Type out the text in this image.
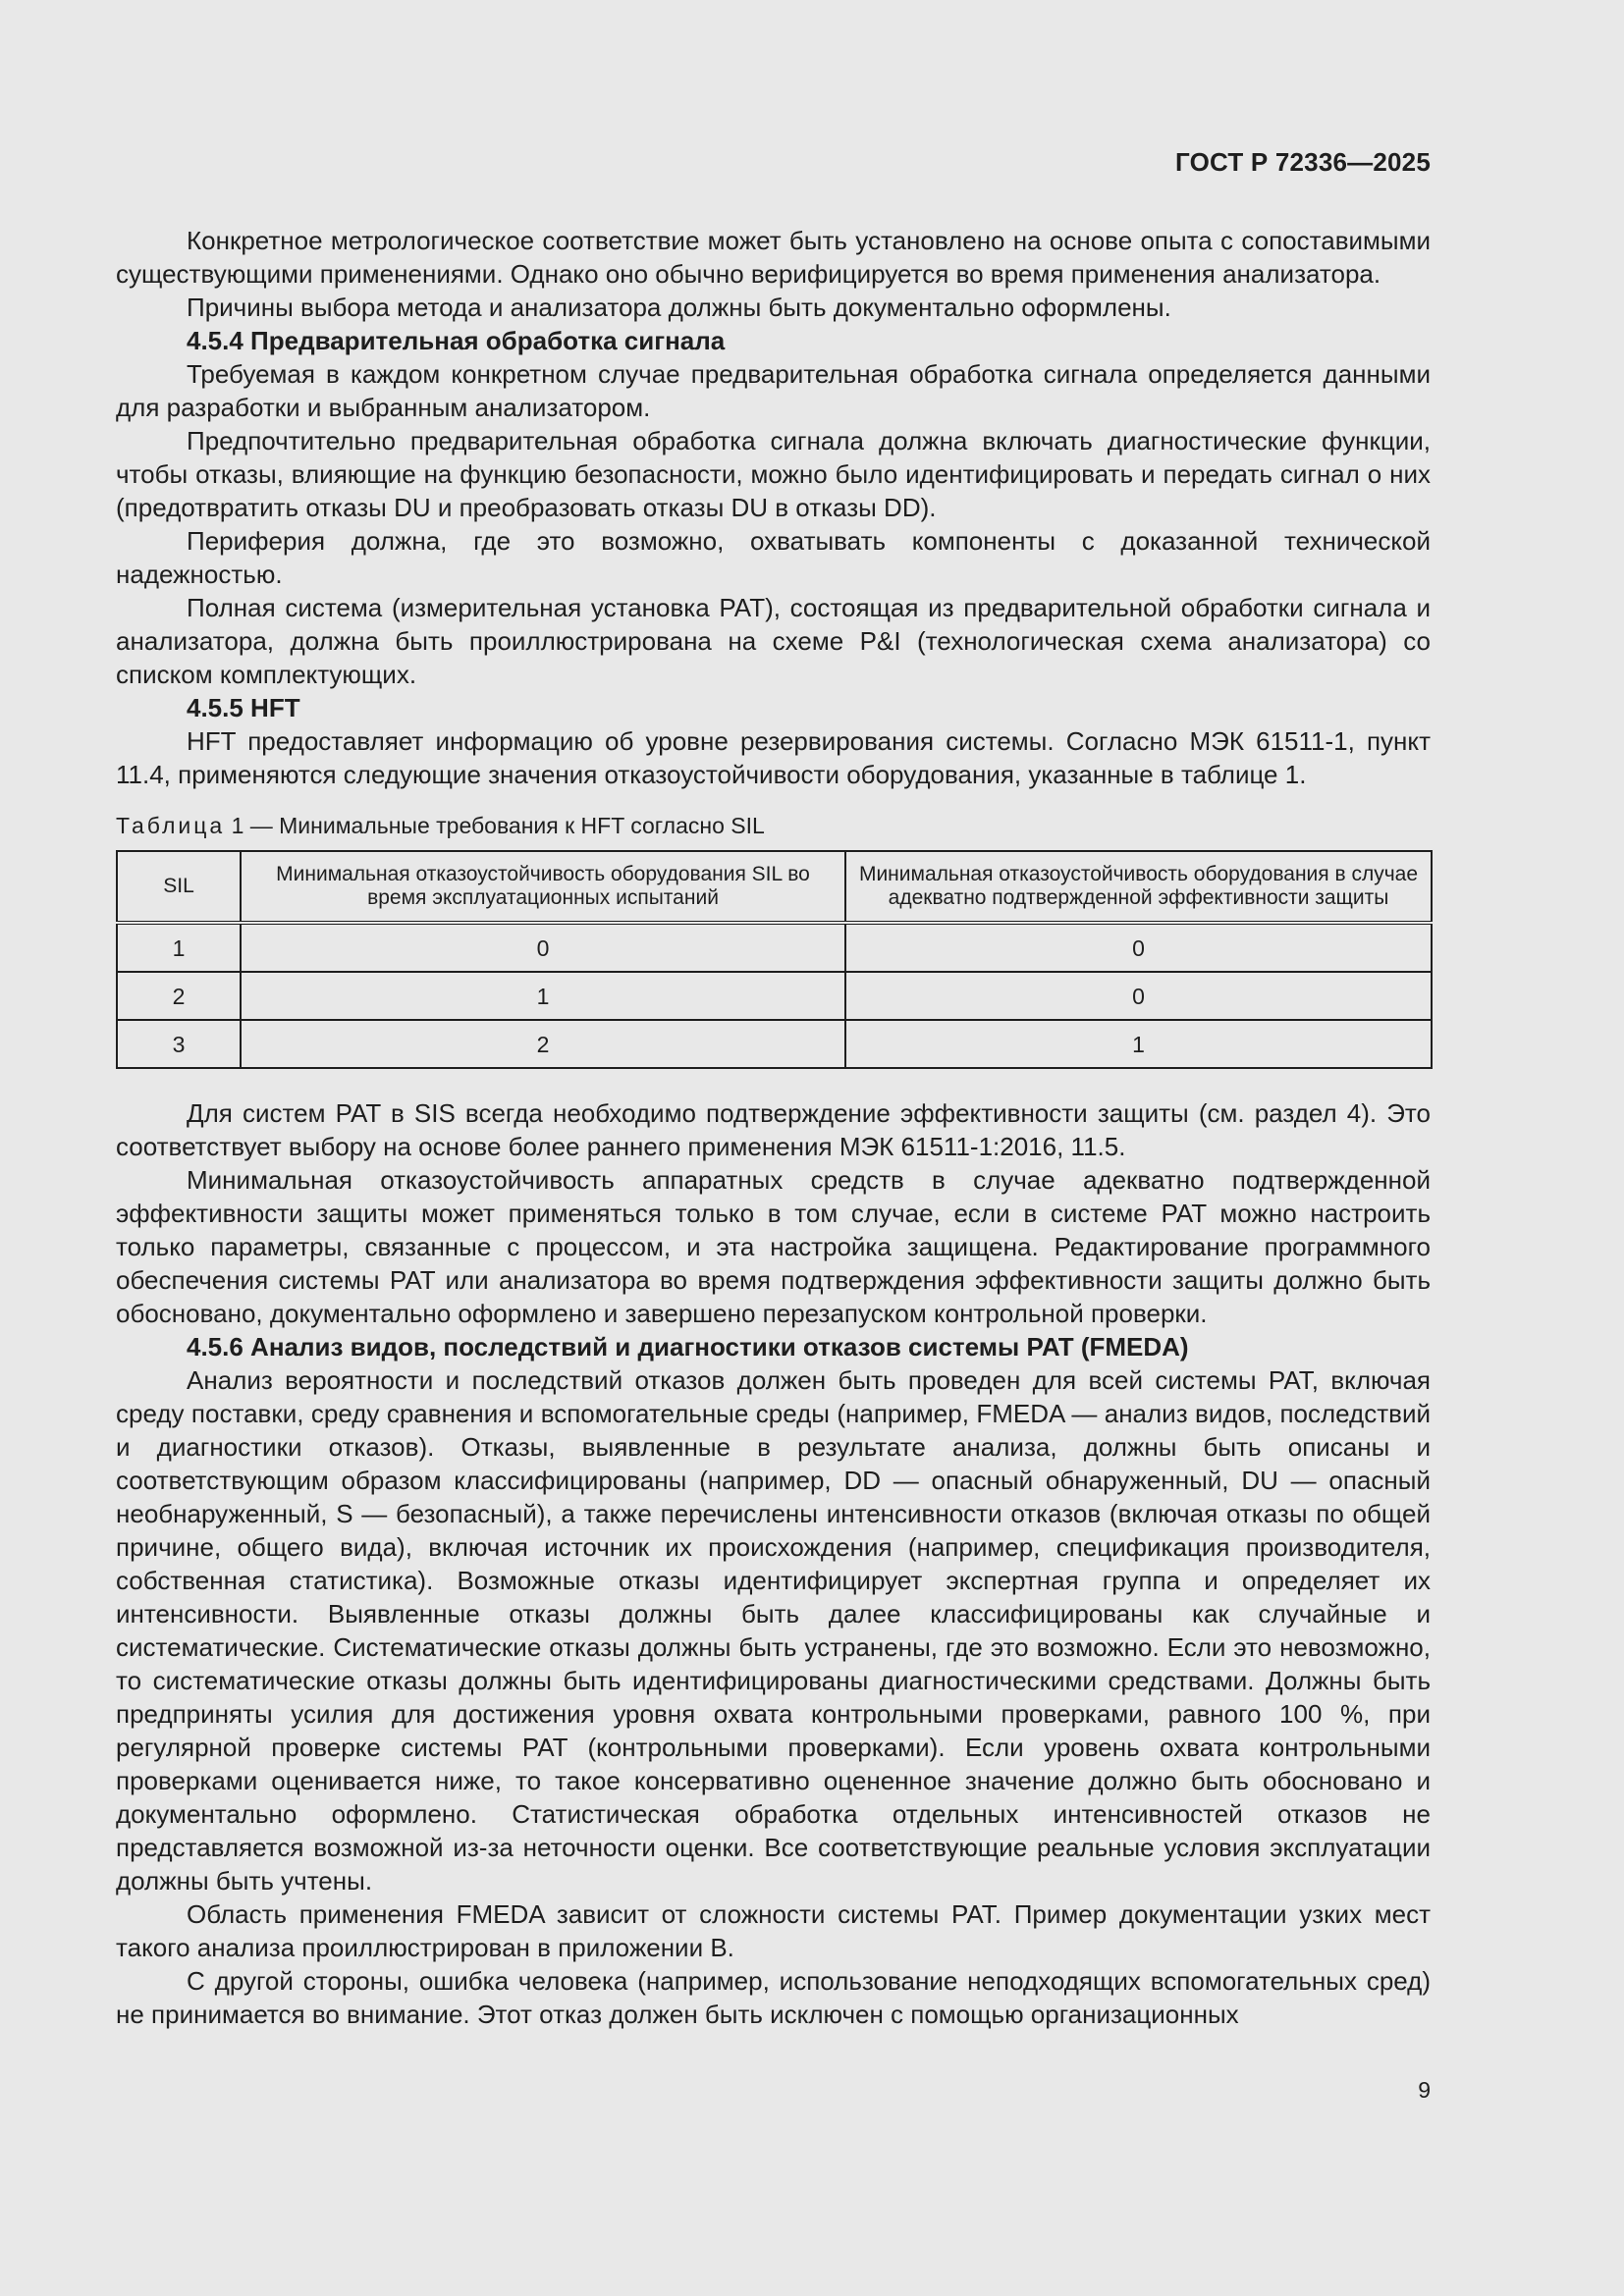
ГОСТ Р 72336—2025

Конкретное метрологическое соответствие может быть установлено на основе опыта с сопоставимыми существующими применениями. Однако оно обычно верифицируется во время применения анализатора.

Причины выбора метода и анализатора должны быть документально оформлены.

4.5.4 Предварительная обработка сигнала

Требуемая в каждом конкретном случае предварительная обработка сигнала определяется данными для разработки и выбранным анализатором.

Предпочтительно предварительная обработка сигнала должна включать диагностические функции, чтобы отказы, влияющие на функцию безопасности, можно было идентифицировать и передать сигнал о них (предотвратить отказы DU и преобразовать отказы DU в отказы DD).

Периферия должна, где это возможно, охватывать компоненты с доказанной технической надежностью.

Полная система (измерительная установка PAT), состоящая из предварительной обработки сигнала и анализатора, должна быть проиллюстрирована на схеме P&I (технологическая схема анализатора) со списком комплектующих.

4.5.5 HFT

HFT предоставляет информацию об уровне резервирования системы. Согласно МЭК 61511-1, пункт 11.4, применяются следующие значения отказоустойчивости оборудования, указанные в таблице 1.

Таблица 1 — Минимальные требования к HFT согласно SIL
SIL	Минимальная отказоустойчивость оборудования SIL во время эксплуатационных испытаний	Минимальная отказоустойчивость оборудования в случае адекватно подтвержденной эффективности защиты
1	0	0
2	1	0
3	2	1

Для систем PAT в SIS всегда необходимо подтверждение эффективности защиты (см. раздел 4). Это соответствует выбору на основе более раннего применения МЭК 61511-1:2016, 11.5.

Минимальная отказоустойчивость аппаратных средств в случае адекватно подтвержденной эффективности защиты может применяться только в том случае, если в системе PAT можно настроить только параметры, связанные с процессом, и эта настройка защищена. Редактирование программного обеспечения системы PAT или анализатора во время подтверждения эффективности защиты должно быть обосновано, документально оформлено и завершено перезапуском контрольной проверки.

4.5.6 Анализ видов, последствий и диагностики отказов системы PAT (FMEDA)

Анализ вероятности и последствий отказов должен быть проведен для всей системы PAT, включая среду поставки, среду сравнения и вспомогательные среды (например, FMEDA — анализ видов, последствий и диагностики отказов). Отказы, выявленные в результате анализа, должны быть описаны и соответствующим образом классифицированы (например, DD — опасный обнаруженный, DU — опасный необнаруженный, S — безопасный), а также перечислены интенсивности отказов (включая отказы по общей причине, общего вида), включая источник их происхождения (например, спецификация производителя, собственная статистика). Возможные отказы идентифицирует экспертная группа и определяет их интенсивности. Выявленные отказы должны быть далее классифицированы как случайные и систематические. Систематические отказы должны быть устранены, где это возможно. Если это невозможно, то систематические отказы должны быть идентифицированы диагностическими средствами. Должны быть предприняты усилия для достижения уровня охвата контрольными проверками, равного 100 %, при регулярной проверке системы PAT (контрольными проверками). Если уровень охвата контрольными проверками оценивается ниже, то такое консервативно оцененное значение должно быть обосновано и документально оформлено. Статистическая обработка отдельных интенсивностей отказов не представляется возможной из-за неточности оценки. Все соответствующие реальные условия эксплуатации должны быть учтены.

Область применения FMEDA зависит от сложности системы PAT. Пример документации узких мест такого анализа проиллюстрирован в приложении B.

С другой стороны, ошибка человека (например, использование неподходящих вспомогательных сред) не принимается во внимание. Этот отказ должен быть исключен с помощью организационных

9
